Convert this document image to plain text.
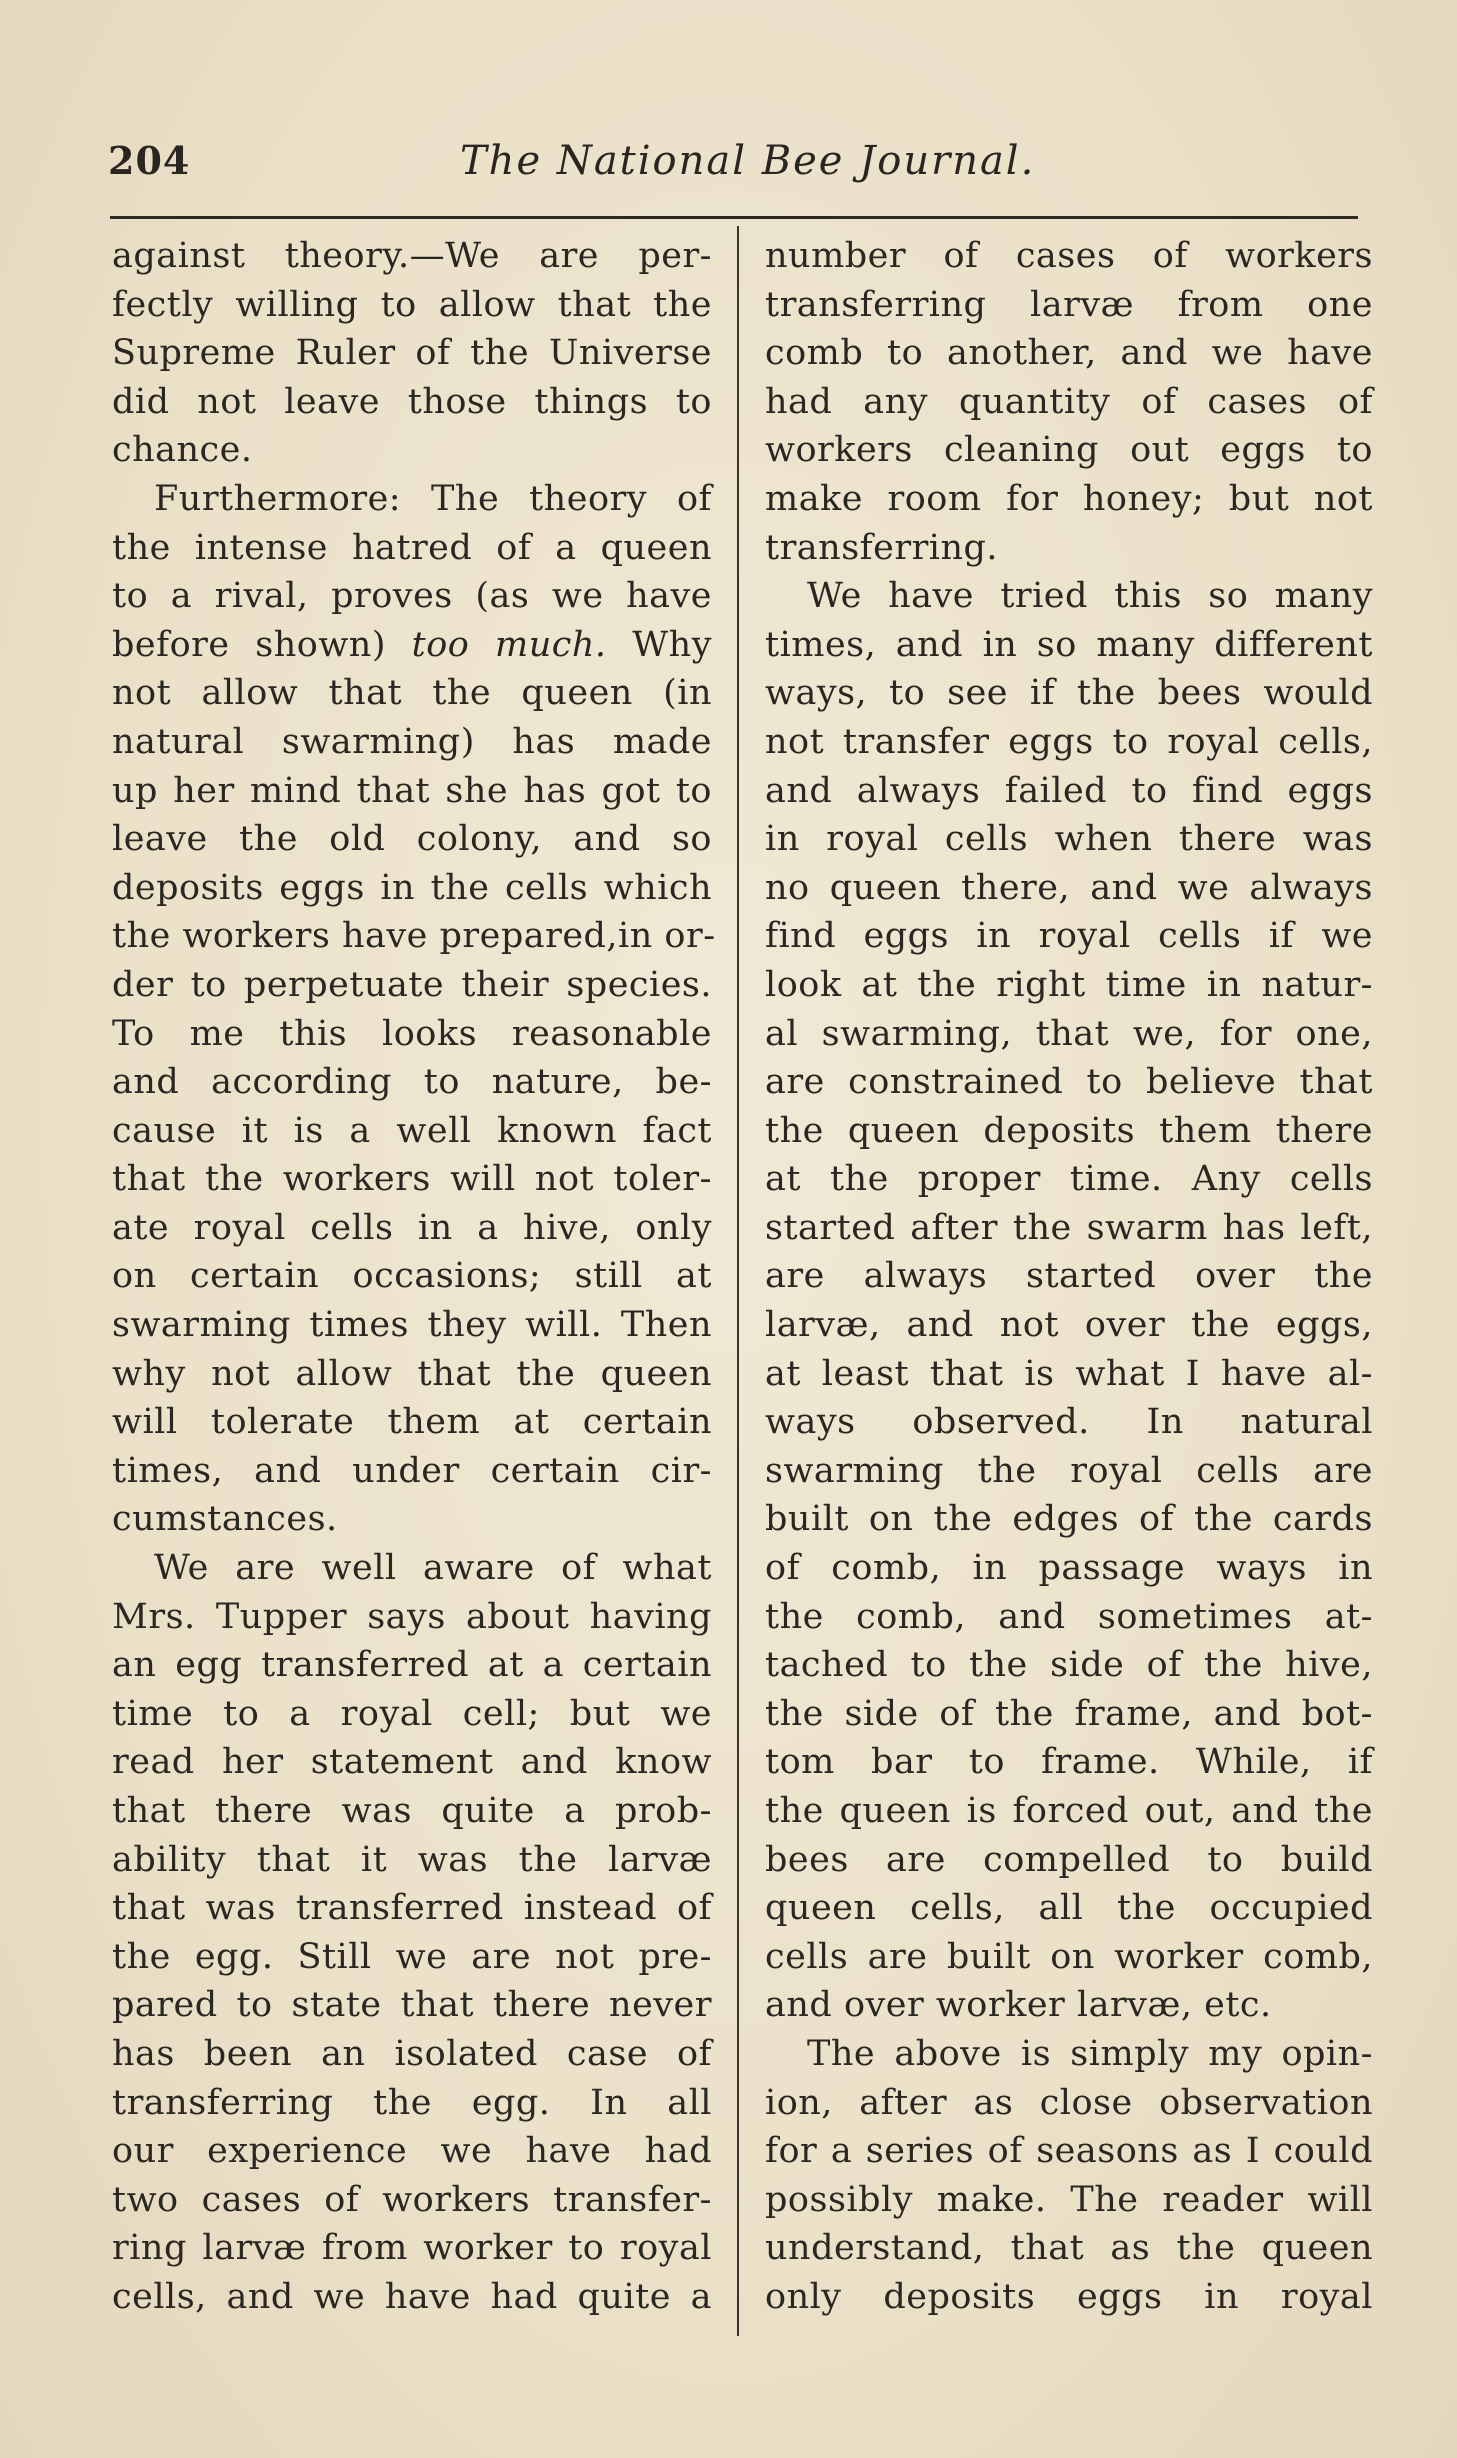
204	The National Bee Journal.
against theory.—We are per-
fectly willing to allow that the
Supreme Ruler of the Universe
did not leave those things to
chance.
Furthermore: The theory of
the intense hatred of a queen
to a rival, proves (as we have
before shown) too much. Why
not allow that the queen (in
natural swarming) has made
up her mind that she has got to
leave the old colony, and so
deposits eggs in the cells which
the workers have prepared,in or-
der to perpetuate their species.
To me this looks reasonable
and according to nature, be-
cause it is a well known fact
that the workers will not toler-
ate royal cells in a hive, only
on certain occasions; still at
swarming times they will. Then
why not allow that the queen
will tolerate them at certain
times, and under certain cir-
cumstances.
We are well aware of what
Mrs. Tupper says about having
an egg transferred at a certain
time to a royal cell; but we
read her statement and know
that there was quite a prob-
ability that it was the larvæ
that was transferred instead of
the egg. Still we are not pre-
pared to state that there never
has been an isolated case of
transferring the egg. In all
our experience we have had
two cases of workers transfer-
ring larvæ from worker to royal
cells, and we have had quite a
number of cases of workers
transferring larvæ from one
comb to another, and we have
had any quantity of cases of
workers cleaning out eggs to
make room for honey; but not
transferring.
We have tried this so many
times, and in so many different
ways, to see if the bees would
not transfer eggs to royal cells,
and always failed to find eggs
in royal cells when there was
no queen there, and we always
find eggs in royal cells if we
look at the right time in natur-
al swarming, that we, for one,
are constrained to believe that
the queen deposits them there
at the proper time. Any cells
started after the swarm has left,
are always started over the
larvæ, and not over the eggs,
at least that is what I have al-
ways observed. In natural
swarming the royal cells are
built on the edges of the cards
of comb, in passage ways in
the comb, and sometimes at-
tached to the side of the hive,
the side of the frame, and bot-
tom bar to frame. While, if
the queen is forced out, and the
bees are compelled to build
queen cells, all the occupied
cells are built on worker comb,
and over worker larvæ, etc.
The above is simply my opin-
ion, after as close observation
for a series of seasons as I could
possibly make. The reader will
understand, that as the queen
only deposits eggs in royal
